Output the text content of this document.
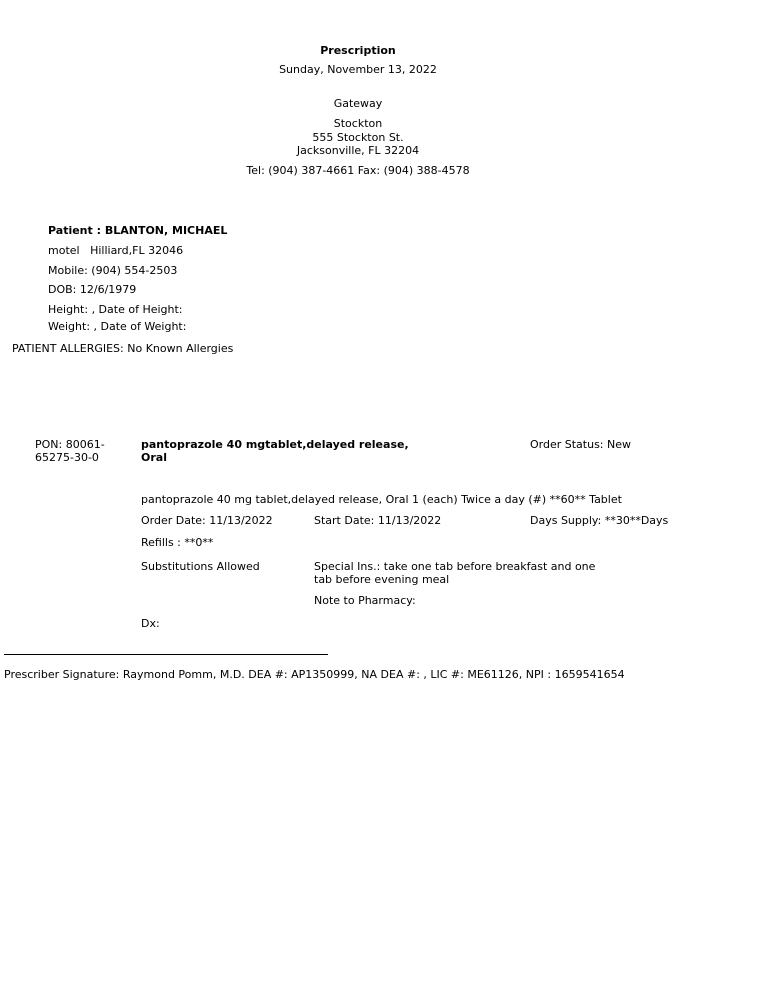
Prescription
Sunday, November 13, 2022
Gateway
Stockton
555 Stockton St.
Jacksonville, FL 32204
Tel: (904) 387-4661 Fax: (904) 388-4578
Patient : BLANTON, MICHAEL
motel   Hilliard,FL 32046
Mobile: (904) 554-2503
DOB: 12/6/1979
Height: , Date of Height:
Weight: , Date of Weight:
PATIENT ALLERGIES: No Known Allergies
PON: 80061-65275-30-0
pantoprazole 40 mgtablet,delayed release, Oral
Order Status: New
pantoprazole 40 mg tablet,delayed release, Oral 1 (each) Twice a day (#) **60** Tablet
Order Date: 11/13/2022	Start Date: 11/13/2022	Days Supply: **30**Days
Refills : **0**
Substitutions Allowed	Special Ins.: take one tab before breakfast and one tab before evening meal
Note to Pharmacy:
Dx:
Prescriber Signature: Raymond Pomm, M.D. DEA #: AP1350999, NA DEA #: , LIC #: ME61126, NPI : 1659541654
